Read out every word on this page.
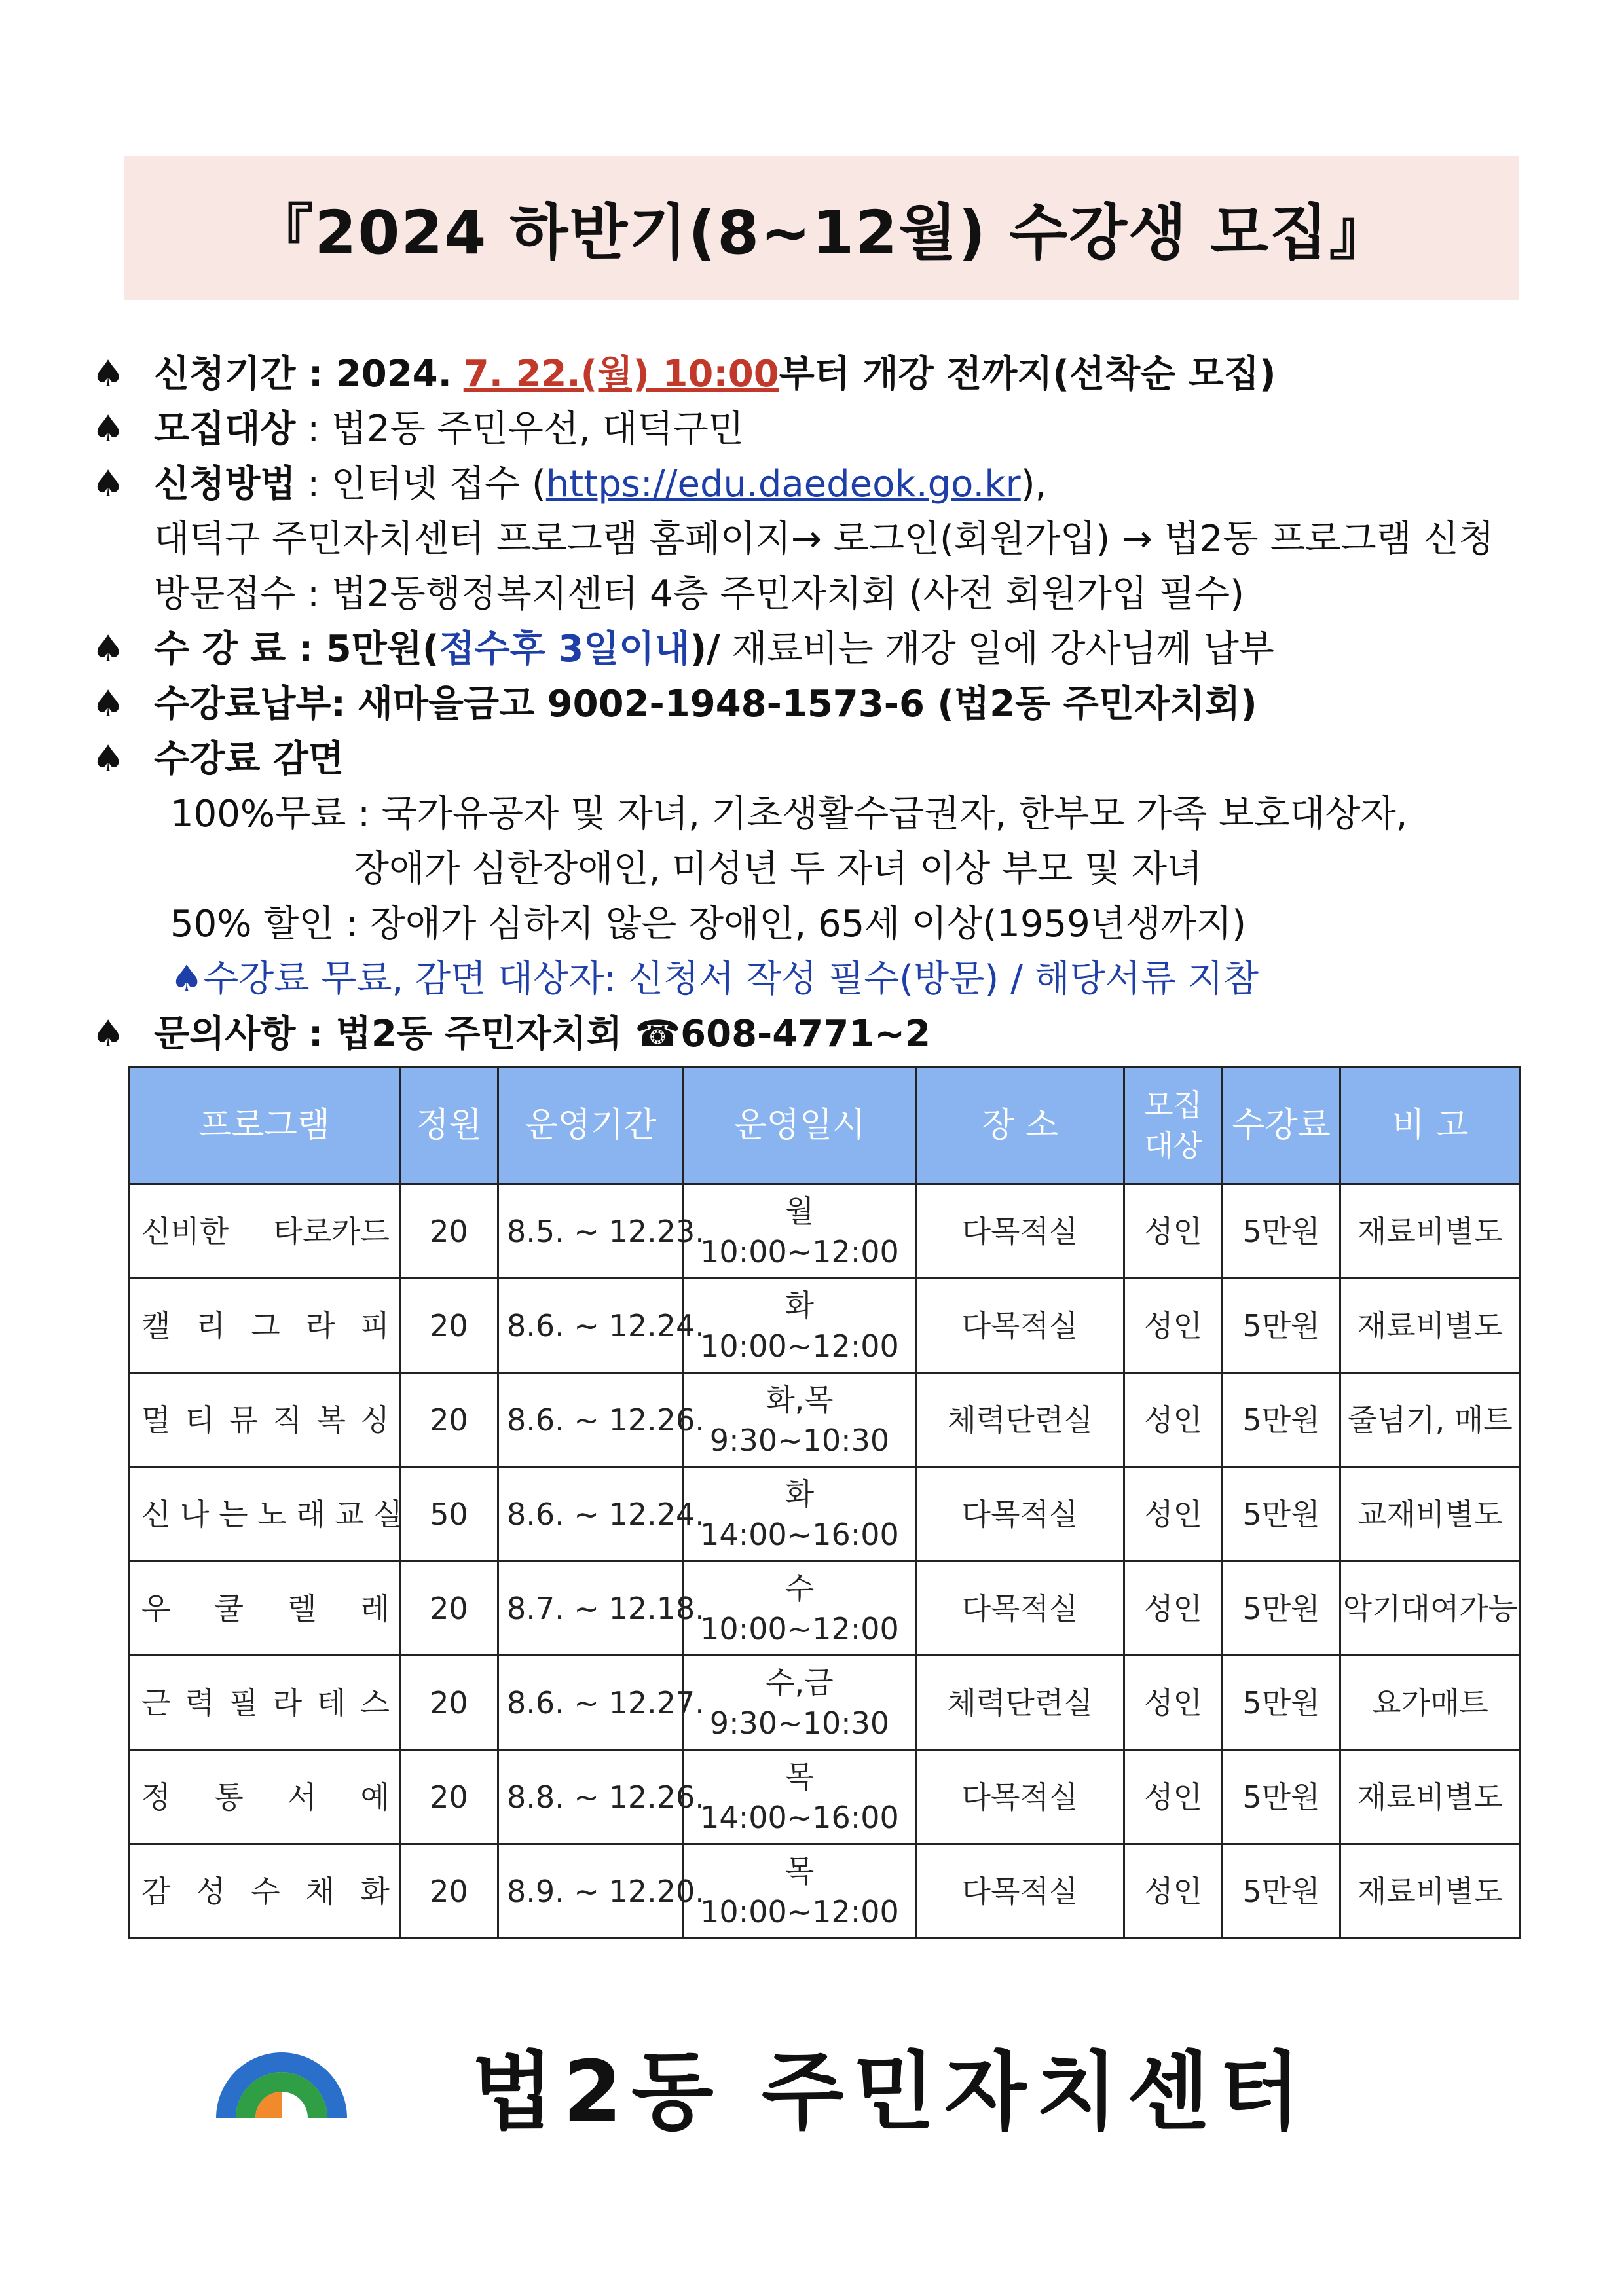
『2024 하반기(8~12월) 수강생 모집』
♠ 신청기간 : 2024. 7. 22.(월) 10:00부터 개강 전까지(선착순 모집)
♠ 모집대상 : 법2동 주민우선, 대덕구민
♠ 신청방법 : 인터넷 접수 (https://edu.daedeok.go.kr),
대덕구 주민자치센터 프로그램 홈페이지→ 로그인(회원가입) → 법2동 프로그램 신청
방문접수 : 법2동행정복지센터 4층 주민자치회 (사전 회원가입 필수)
♠ 수 강 료 : 5만원(접수후 3일이내)/ 재료비는 개강 일에 강사님께 납부
♠ 수강료납부: 새마을금고 9002-1948-1573-6 (법2동 주민자치회)
♠ 수강료 감면
100%무료 : 국가유공자 및 자녀, 기초생활수급권자, 한부모 가족 보호대상자,
장애가 심한장애인, 미성년 두 자녀 이상 부모 및 자녀
50% 할인 : 장애가 심하지 않은 장애인, 65세 이상(1959년생까지)
♠수강료 무료, 감면 대상자: 신청서 작성 필수(방문) / 해당서류 지참
♠ 문의사항 : 법2동 주민자치회 ☎608-4771~2
프로그램	정원	운영기간	운영일시	장 소	모집 대상	수강료	비 고
신비한 타로카드	20	8.5. ~ 12.23.	월
10:00~12:00	다목적실	성인	5만원	재료비별도
캘 리 그 라 피	20	8.6. ~ 12.24.	화
10:00~12:00	다목적실	성인	5만원	재료비별도
멀 티 뮤 직 복 싱	20	8.6. ~ 12.26.	화,목
9:30~10:30	체력단련실	성인	5만원	줄넘기, 매트
신 나 는 노 래 교 실	50	8.6. ~ 12.24.	화
14:00~16:00	다목적실	성인	5만원	교재비별도
우 쿨 렐 레	20	8.7. ~ 12.18.	수
10:00~12:00	다목적실	성인	5만원	악기대여가능
근 력 필 라 테 스	20	8.6. ~ 12.27.	수,금
9:30~10:30	체력단련실	성인	5만원	요가매트
정 통 서 예	20	8.8. ~ 12.26.	목
14:00~16:00	다목적실	성인	5만원	재료비별도
감 성 수 채 화	20	8.9. ~ 12.20.	목
10:00~12:00	다목적실	성인	5만원	재료비별도
법2동 주민자치센터
